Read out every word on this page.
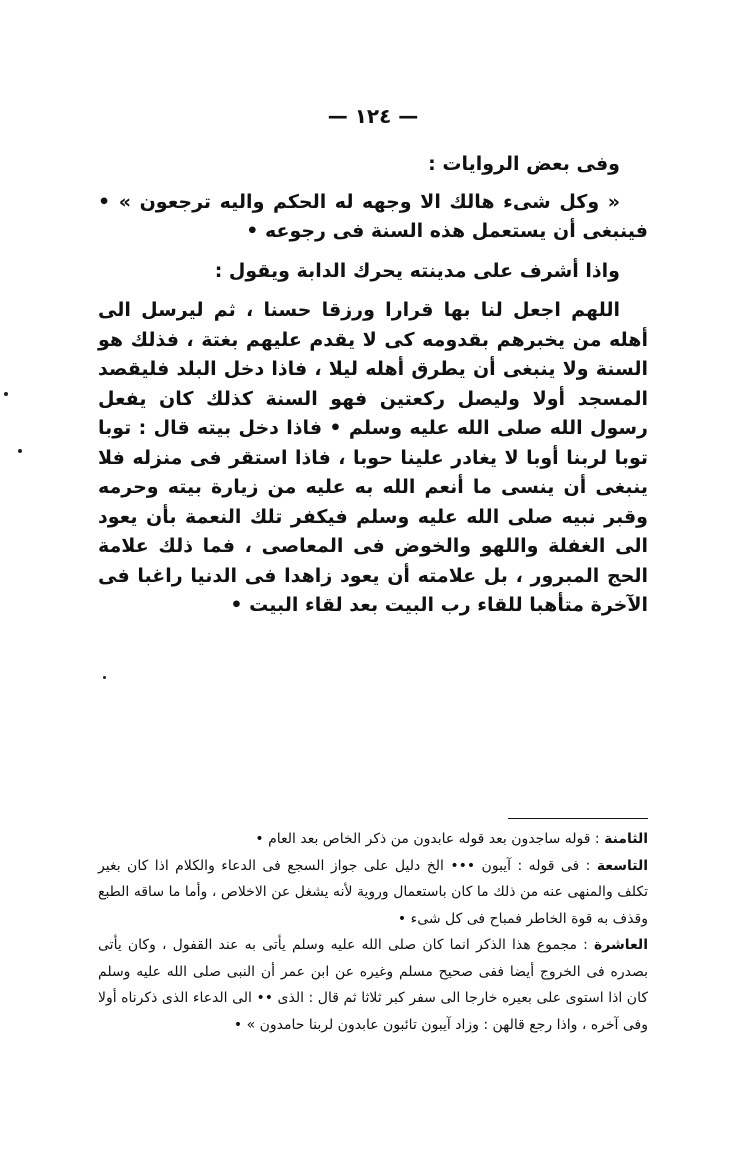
— ١٢٤ —

وفى بعض الروايات :

« وكل شىء هالك الا وجهه له الحكم واليه ترجعون » • فينبغى أن يستعمل هذه السنة فى رجوعه •

واذا أشرف على مدينته يحرك الدابة ويقول :

اللهم اجعل لنا بها قرارا ورزقا حسنا ، ثم ليرسل الى أهله من يخبرهم بقدومه كى لا يقدم عليهم بغتة ، فذلك هو السنة ولا ينبغى أن يطرق أهله ليلا ، فاذا دخل البلد فليقصد المسجد أولا وليصل ركعتين فهو السنة كذلك كان يفعل رسول الله صلى الله عليه وسلم • فاذا دخل بيته قال : توبا توبا لربنا أوبا لا يغادر علينا حوبا ، فاذا استقر فى منزله فلا ينبغى أن ينسى ما أنعم الله به عليه من زيارة بيته وحرمه وقبر نبيه صلى الله عليه وسلم فيكفر تلك النعمة بأن يعود الى الغفلة واللهو والخوض فى المعاصى ، فما ذلك علامة الحج المبرور ، بل علامته أن يعود زاهدا فى الدنيا راغبا فى الآخرة متأهبا للقاء رب البيت بعد لقاء البيت •

الثامنة : قوله ساجدون بعد قوله عابدون من ذكر الخاص بعد العام •

التاسعة : فى قوله : آيبون ••• الخ دليل على جواز السجع فى الدعاء والكلام اذا كان بغير تكلف والمنهى عنه من ذلك ما كان باستعمال وروية لأنه يشغل عن الاخلاص ، وأما ما ساقه الطبع وقذف به قوة الخاطر فمباح فى كل شىء •

العاشرة : مجموع هذا الذكر انما كان صلى الله عليه وسلم يأتى به عند القفول ، وكان يأتى بصدره فى الخروج أيضا ففى صحيح مسلم وغيره عن ابن عمر أن النبى صلى الله عليه وسلم كان اذا استوى على بعيره خارجا الى سفر كبر ثلاثا ثم قال : الذى •• الى الدعاء الذى ذكرناه أولا وفى آخره ، واذا رجع قالهن : وزاد آيبون تائبون عابدون لربنا حامدون » •
